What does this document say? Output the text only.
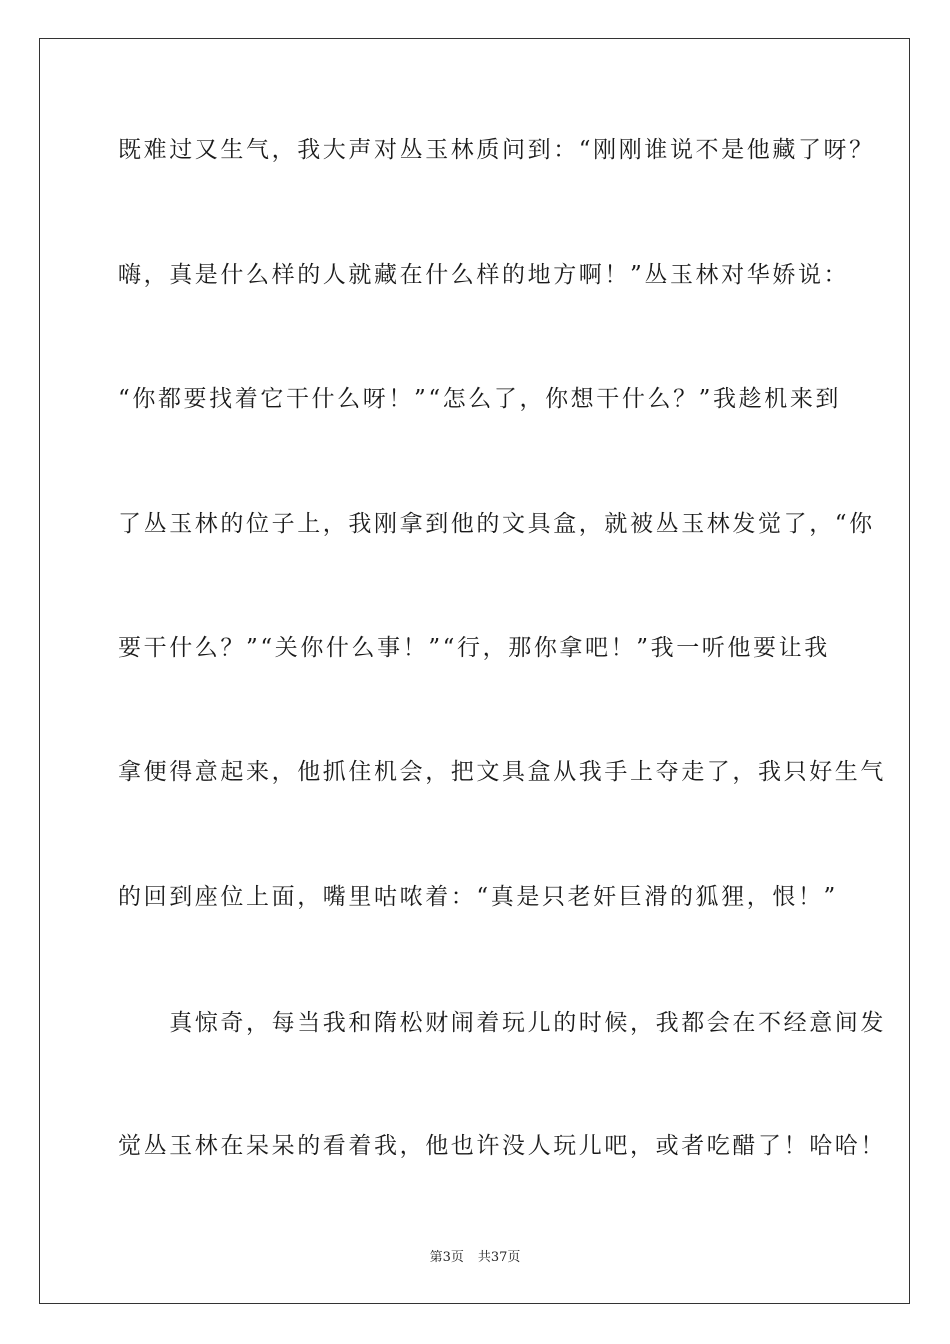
既难过又生气，我大声对丛玉林质问到：“刚刚谁说不是他藏了呀？
嗨，真是什么样的人就藏在什么样的地方啊！”丛玉林对华娇说：
“你都要找着它干什么呀！”“怎么了，你想干什么？”我趁机来到
了丛玉林的位子上，我刚拿到他的文具盒，就被丛玉林发觉了，“你
要干什么？”“关你什么事！”“行，那你拿吧！”我一听他要让我
拿便得意起来，他抓住机会，把文具盒从我手上夺走了，我只好生气
的回到座位上面，嘴里咕哝着：“真是只老奸巨滑的狐狸，恨！”
　　真惊奇，每当我和隋松财闹着玩儿的时候，我都会在不经意间发
觉丛玉林在呆呆的看着我，他也许没人玩儿吧，或者吃醋了！哈哈！
第3页 共37页
